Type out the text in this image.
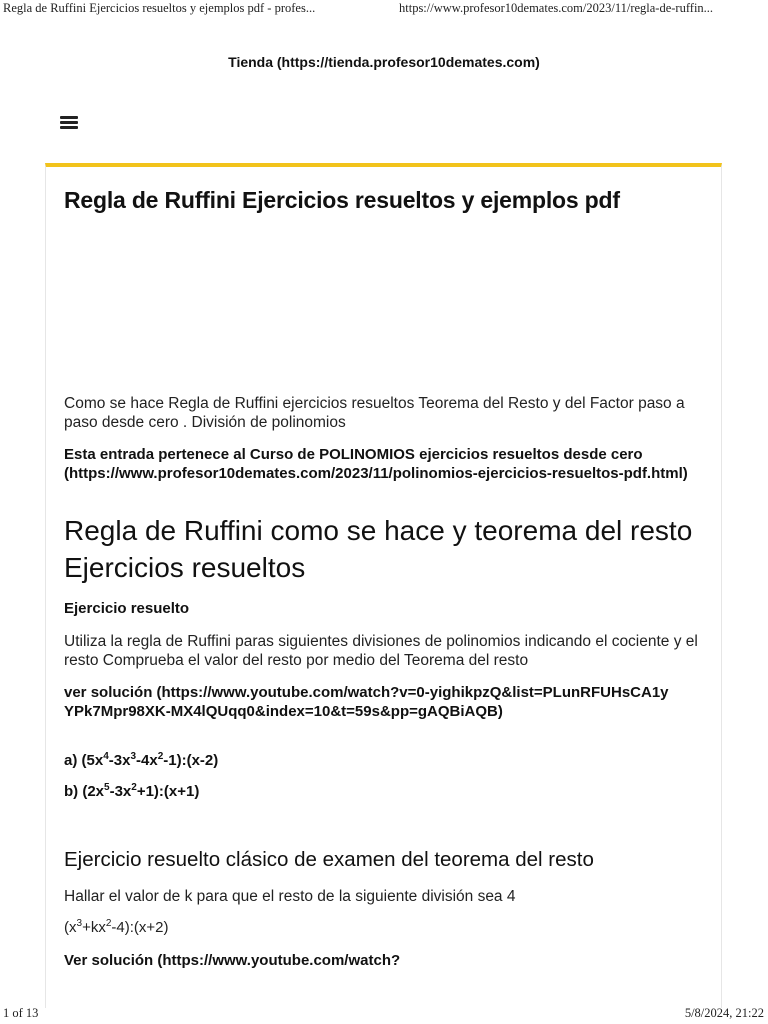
Regla de Ruffini Ejercicios resueltos y ejemplos pdf - profes...	https://www.profesor10demates.com/2023/11/regla-de-ruffin...
Tienda (https://tienda.profesor10demates.com)
Regla de Ruffini Ejercicios resueltos y ejemplos pdf

Como se hace Regla de Ruffini ejercicios resueltos Teorema del Resto y del Factor paso a paso desde cero . División de polinomios

Esta entrada pertenece al Curso de POLINOMIOS ejercicios resueltos desde cero (https://www.profesor10demates.com/2023/11/polinomios-ejercicios-resueltos-pdf.html)

Regla de Ruffini como se hace y teorema del resto Ejercicios resueltos

Ejercicio resuelto

Utiliza la regla de Ruffini paras siguientes divisiones de polinomios indicando el cociente y el resto Comprueba el valor del resto por medio del Teorema del resto

ver solución (https://www.youtube.com/watch?v=0-yighikpzQ&list=PLunRFUHsCA1yYPk7Mpr98XK-MX4lQUqq0&index=10&t=59s&pp=gAQBiAQB)

a) $(5x^4-3x^3-4x^2-1):(x-2)$

b) $(2x^5-3x^2+1):(x+1)$

Ejercicio resuelto clásico de examen del teorema del resto

Hallar el valor de k para que el resto de la siguiente división sea 4

$(x^3+kx^2-4):(x+2)$

Ver solución (https://www.youtube.com/watch?

1 of 13	5/8/2024, 21:22
